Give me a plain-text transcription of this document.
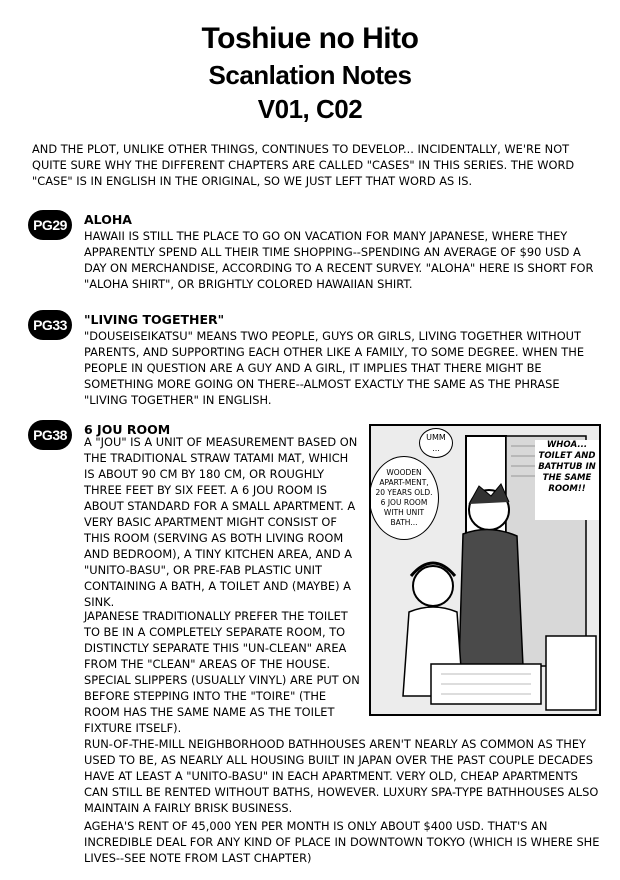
Toshiue no Hito
Scanlation Notes
V01, C02
AND THE PLOT, UNLIKE OTHER THINGS, CONTINUES TO DEVELOP... INCIDENTALLY, WE'RE NOT QUITE SURE WHY THE DIFFERENT CHAPTERS ARE CALLED "CASES" IN THIS SERIES. THE WORD "CASE" IS IN ENGLISH IN THE ORIGINAL, SO WE JUST LEFT THAT WORD AS IS.
PG29	ALOHA
HAWAII IS STILL THE PLACE TO GO ON VACATION FOR MANY JAPANESE, WHERE THEY APPARENTLY SPEND ALL THEIR TIME SHOPPING--SPENDING AN AVERAGE OF $90 USD A DAY ON MERCHANDISE, ACCORDING TO A RECENT SURVEY. "ALOHA" HERE IS SHORT FOR "ALOHA SHIRT", OR BRIGHTLY COLORED HAWAIIAN SHIRT.
PG33	"LIVING TOGETHER"
"DOUSEISEIKATSU" MEANS TWO PEOPLE, GUYS OR GIRLS, LIVING TOGETHER WITHOUT PARENTS, AND SUPPORTING EACH OTHER LIKE A FAMILY, TO SOME DEGREE. WHEN THE PEOPLE IN QUESTION ARE A GUY AND A GIRL, IT IMPLIES THAT THERE MIGHT BE SOMETHING MORE GOING ON THERE--ALMOST EXACTLY THE SAME AS THE PHRASE "LIVING TOGETHER" IN ENGLISH.
PG38	6 JOU ROOM

A "JOU" IS A UNIT OF MEASUREMENT BASED ON THE TRADITIONAL STRAW TATAMI MAT, WHICH IS ABOUT 90 CM BY 180 CM, OR ROUGHLY THREE FEET BY SIX FEET. A 6 JOU ROOM IS ABOUT STANDARD FOR A SMALL APARTMENT. A VERY BASIC APARTMENT MIGHT CONSIST OF THIS ROOM (SERVING AS BOTH LIVING ROOM AND BEDROOM), A TINY KITCHEN AREA, AND A "UNITO-BASU", OR PRE-FAB PLASTIC UNIT CONTAINING A BATH, A TOILET AND (MAYBE) A SINK.

JAPANESE TRADITIONALLY PREFER THE TOILET TO BE IN A COMPLETELY SEPARATE ROOM, TO DISTINCTLY SEPARATE THIS "UN-CLEAN" AREA FROM THE "CLEAN" AREAS OF THE HOUSE. SPECIAL SLIPPERS (USUALLY VINYL) ARE PUT ON BEFORE STEPPING INTO THE "TOIRE" (THE ROOM HAS THE SAME NAME AS THE TOILET FIXTURE ITSELF).

RUN-OF-THE-MILL NEIGHBORHOOD BATHHOUSES AREN'T NEARLY AS COMMON AS THEY USED TO BE, AS NEARLY ALL HOUSING BUILT IN JAPAN OVER THE PAST COUPLE DECADES HAVE AT LEAST A "UNITO-BASU" IN EACH APARTMENT. VERY OLD, CHEAP APARTMENTS CAN STILL BE RENTED WITHOUT BATHS, HOWEVER. LUXURY SPA-TYPE BATHHOUSES ALSO MAINTAIN A FAIRLY BRISK BUSINESS.

AGEHA'S RENT OF 45,000 YEN PER MONTH IS ONLY ABOUT $400 USD. THAT'S AN INCREDIBLE DEAL FOR ANY KIND OF PLACE IN DOWNTOWN TOKYO (WHICH IS WHERE SHE LIVES--SEE NOTE FROM LAST CHAPTER)

UMM ...
WOODEN APART-MENT, 20 YEARS OLD. 6 JOU ROOM WITH UNIT BATH...
WHOA... TOILET AND BATHTUB IN THE SAME ROOM!!
